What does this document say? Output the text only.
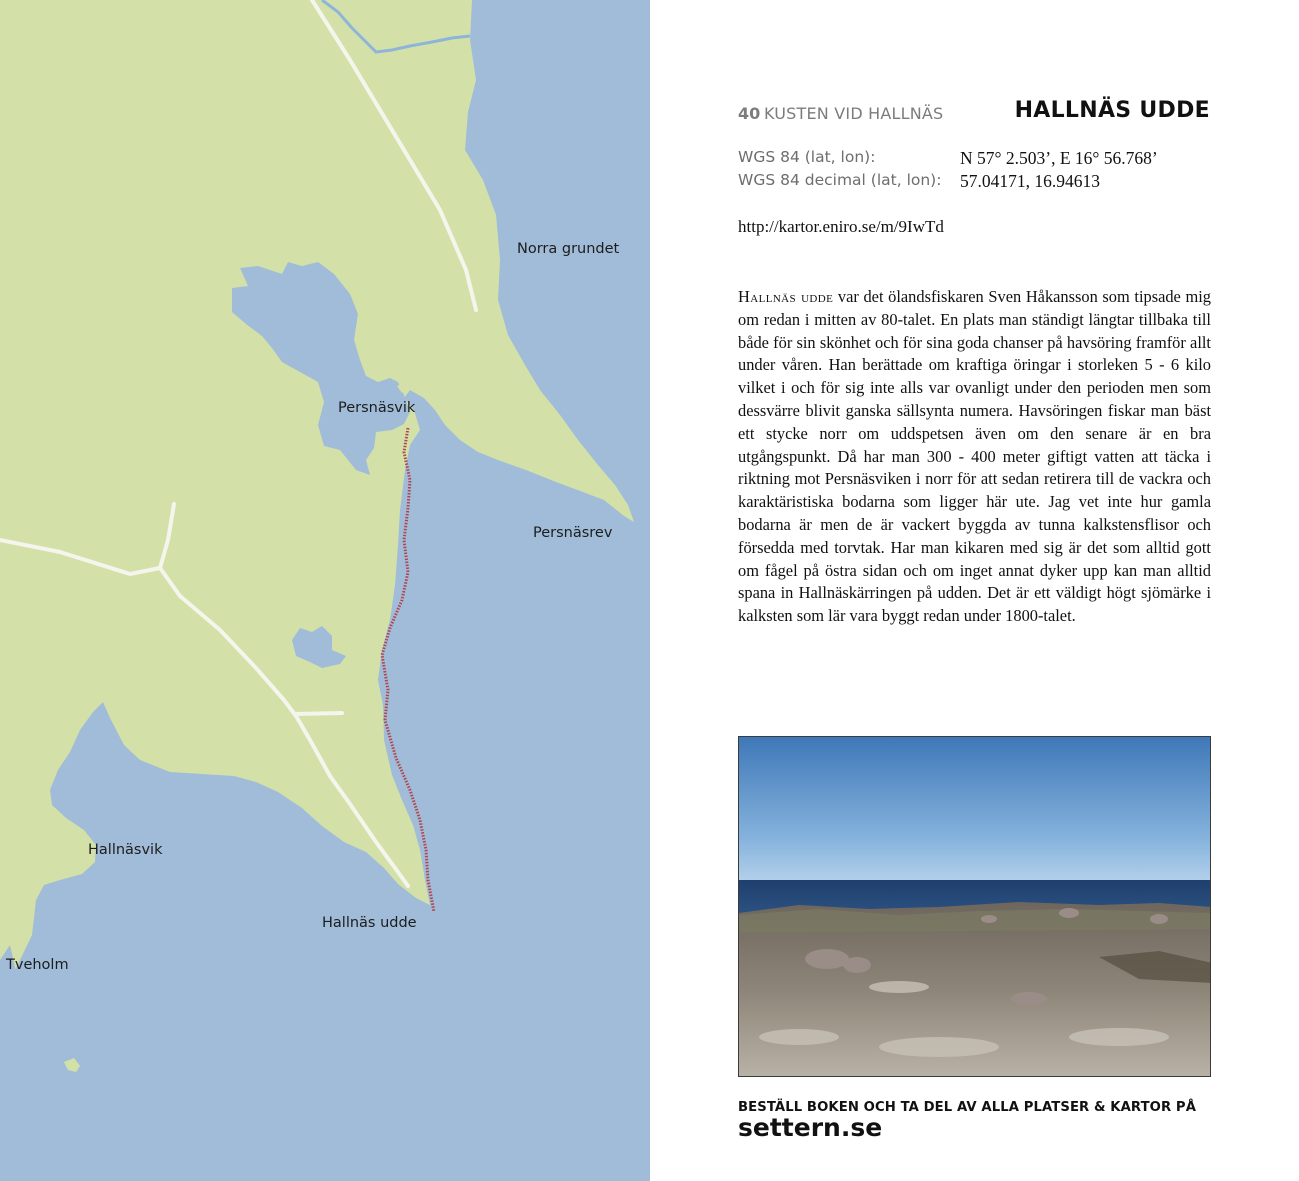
Norra grundet
Persnäsvik
Persnäsrev
Hallnäsvik
Hallnäs udde
Tveholm
40 KUSTEN VID HALLNÄS	HALLNÄS UDDE
WGS 84 (lat, lon):	N 57° 2.503’, E 16° 56.768’
WGS 84 decimal (lat, lon): 57.04171, 16.94613
http://kartor.eniro.se/m/9IwTd

Hallnäs udde var det ölandsfiskaren Sven Håkansson som tipsade mig om redan i mitten av 80-talet. En plats man ständigt längtar tillbaka till både för sin skönhet och för sina goda chanser på havsöring framför allt under våren. Han berättade om kraftiga öringar i storleken 5 - 6 kilo vilket i och för sig inte alls var ovanligt under den perioden men som dessvärre blivit ganska sällsynta numera. Havsöringen fiskar man bäst ett stycke norr om uddspetsen även om den senare är en bra utgångspunkt. Då har man 300 - 400 meter giftigt vatten att täcka i riktning mot Persnäsviken i norr för att sedan retirera till de vackra och karaktäristiska bodarna som ligger här ute. Jag vet inte hur gamla bodarna är men de är vackert byggda av tunna kalkstensflisor och försedda med torvtak. Har man kikaren med sig är det som alltid gott om fågel på östra sidan och om inget annat dyker upp kan man alltid spana in Hallnäskärringen på udden. Det är ett väldigt högt sjömärke i kalksten som lär vara byggt redan under 1800-talet.

BESTÄLL BOKEN OCH TA DEL AV ALLA PLATSER & KARTOR PÅ
settern.se
